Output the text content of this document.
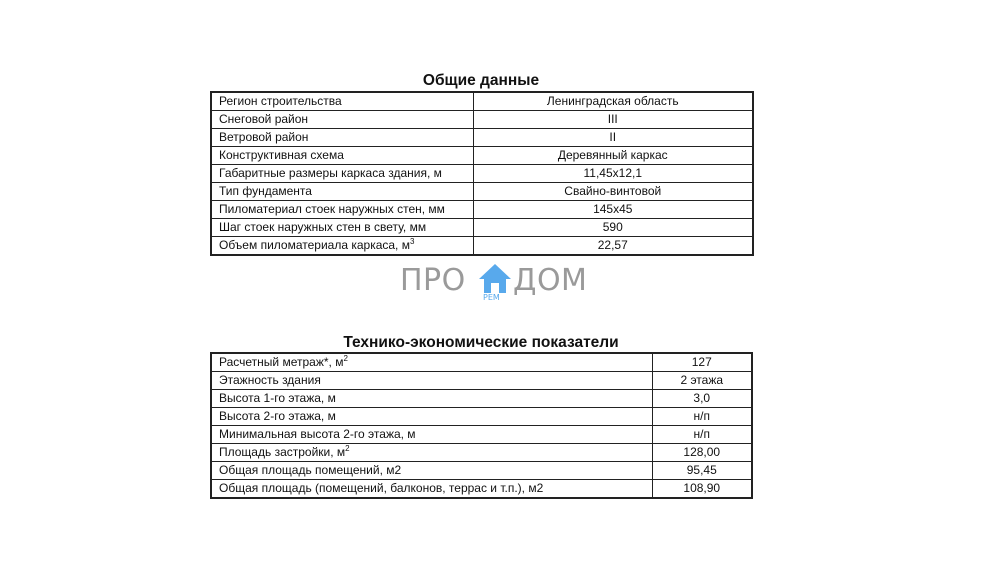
Общие данные
Регион строительства	Ленинградская область
Снеговой район	III
Ветровой район	II
Конструктивная схема	Деревянный каркас
Габаритные размеры каркаса здания, м	11,45х12,1
Тип фундамента	Свайно-винтовой
Пиломатериал стоек наружных стен, мм	145х45
Шаг стоек наружных стен в свету, мм	590
Объем пиломатериала каркаса, $м^3$	22,57
ПРО РЕМ ДОМ
Технико-экономические показатели
Расчетный метраж*, $м^2$	127
Этажность здания	2 этажа
Высота 1-го этажа, м	3,0
Высота 2-го этажа, м	н/п
Минимальная высота 2-го этажа, м	н/п
Площадь застройки, $м^2$	128,00
Общая площадь помещений, м2	95,45
Общая площадь (помещений, балконов, террас и т.п.), м2	108,90
